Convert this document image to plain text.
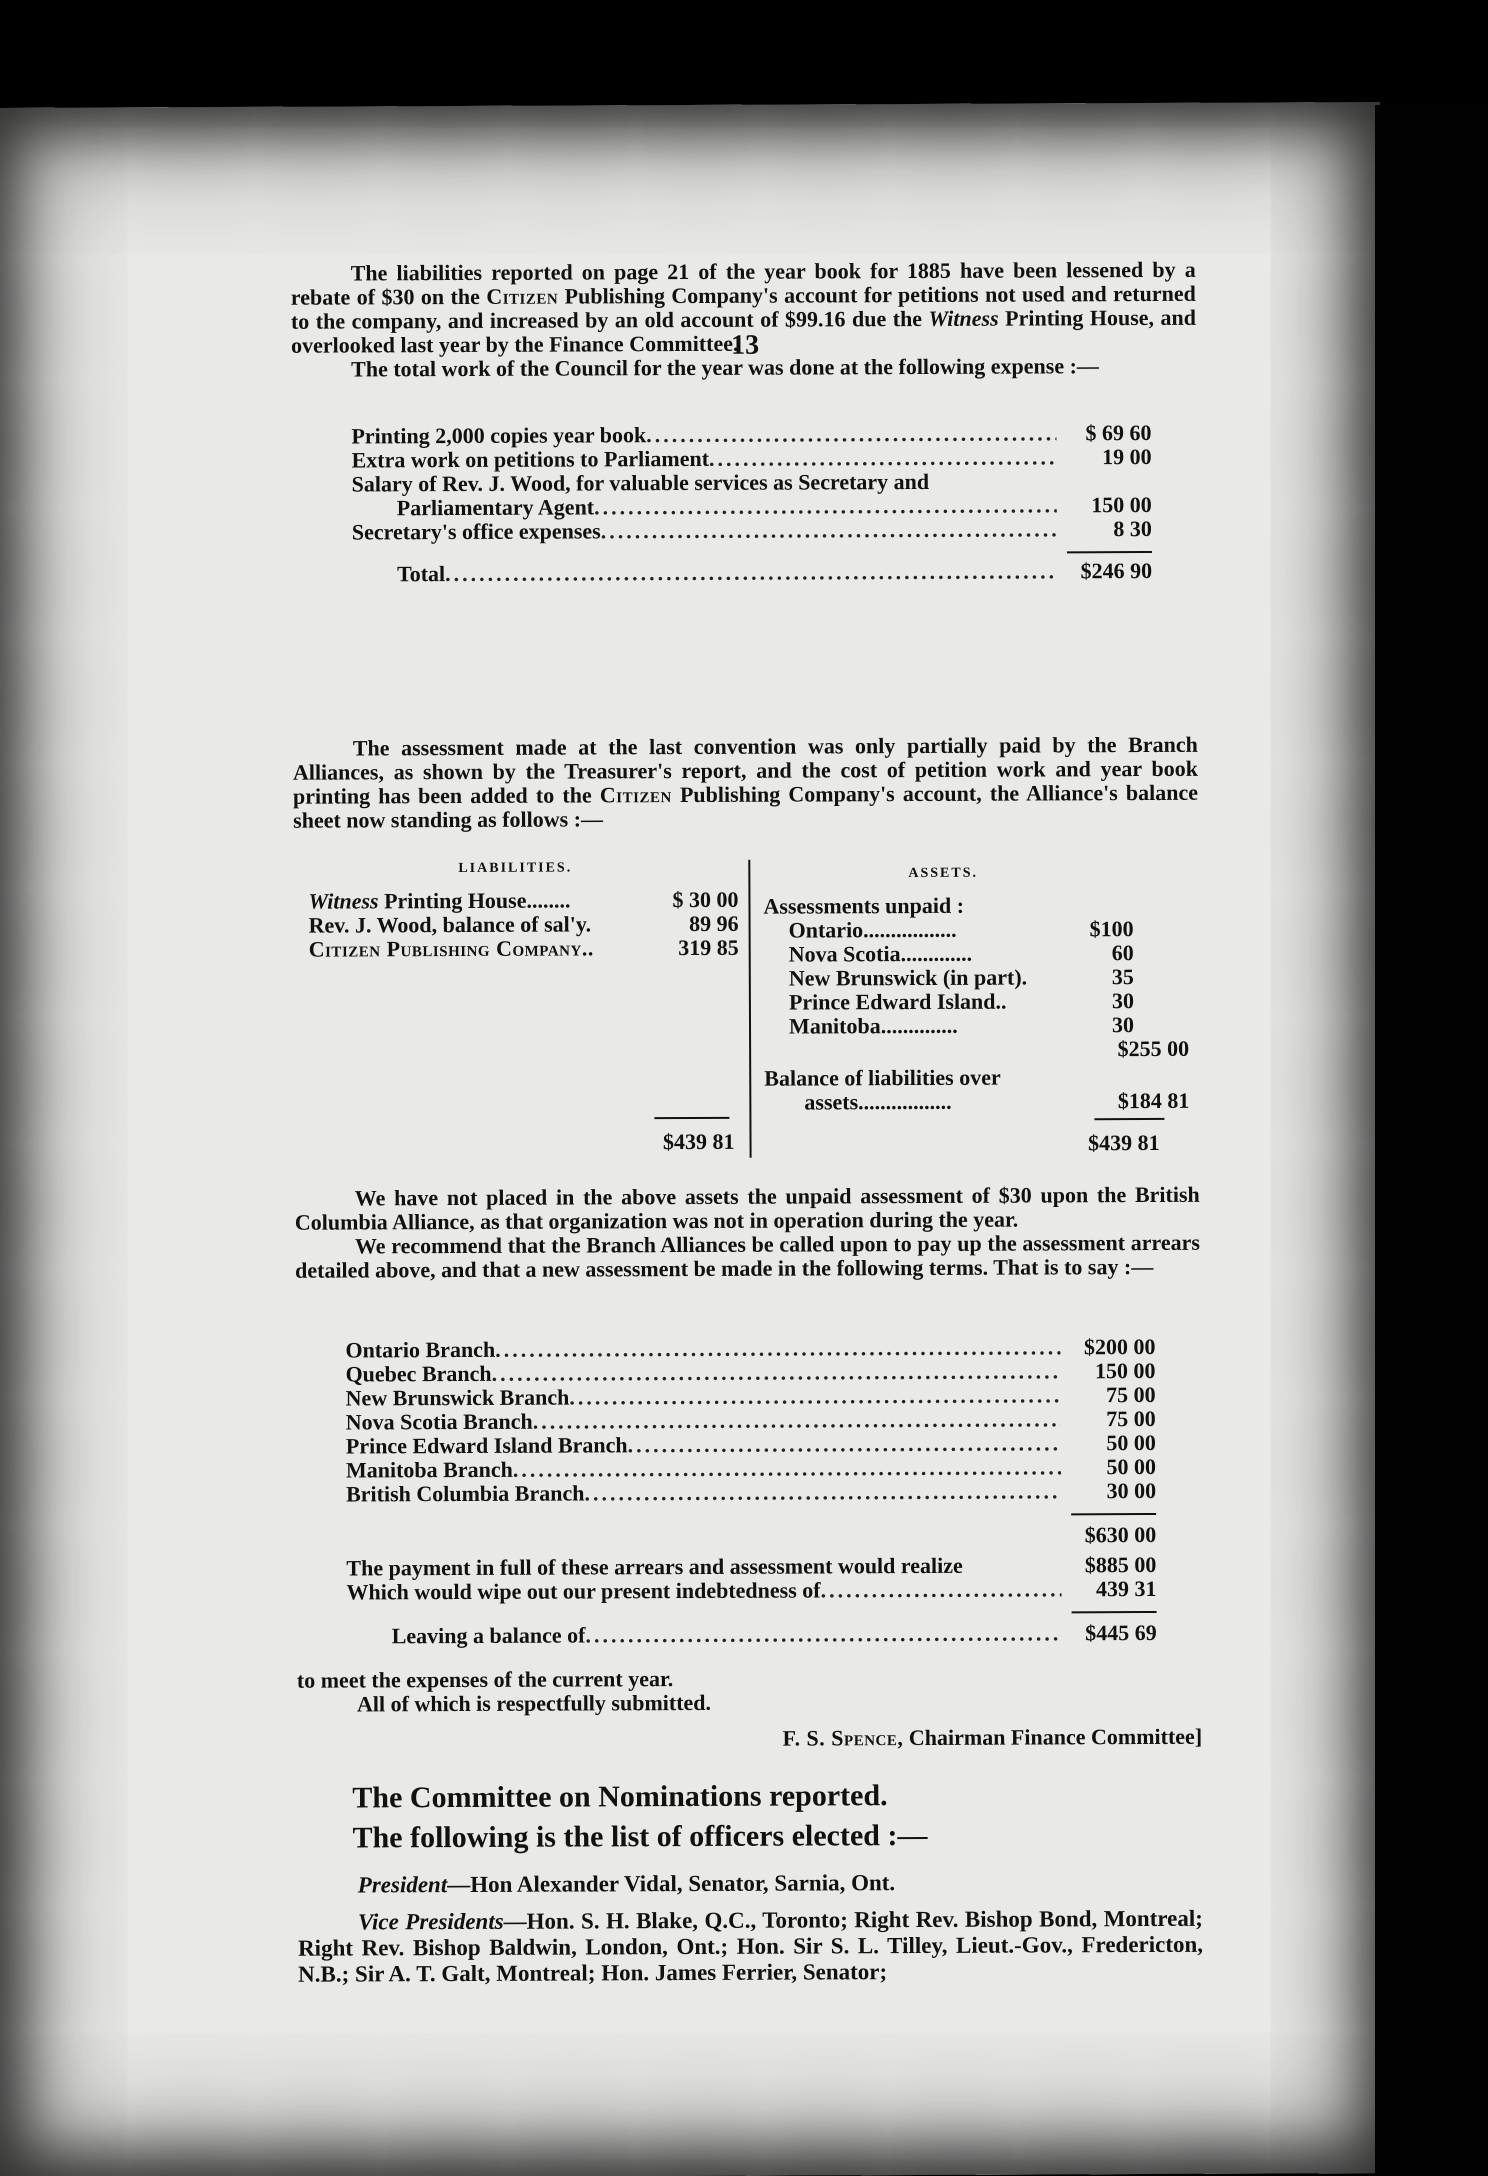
13

The liabilities reported on page 21 of the year book for 1885 have been lessened by a rebate of $30 on the Citizen Publishing Company's account for petitions not used and returned to the company, and increased by an old account of $99.16 due the Witness Printing House, and overlooked last year by the Finance Committee.

The total work of the Council for the year was done at the following expense :—

Printing 2,000 copies year book .....	$ 69 60
Extra work on petitions to Parliament .....	19 00
Salary of Rev. J. Wood, for valuable services as Secretary and
Parliamentary Agent .....	150 00
Secretary's office expenses .....	8 30
Total .....	$246 90

The assessment made at the last convention was only partially paid by the Branch Alliances, as shown by the Treasurer's report, and the cost of petition work and year book printing has been added to the Citizen Publishing Company's account, the Alliance's balance sheet now standing as follows :—

LIABILITIES.	ASSETS.
Witness Printing House........	$ 30 00
Rev. J. Wood, balance of sal'y.	89 96
Citizen Publishing Company..	319 85
$439 81
Assessments unpaid :
Ontario.................	$100
Nova Scotia.............	60
New Brunswick (in part).	35
Prince Edward Island..	30
Manitoba..............	30
$255 00
Balance of liabilities over
assets.................	$184 81
$439 81

We have not placed in the above assets the unpaid assessment of $30 upon the British Columbia Alliance, as that organization was not in operation during the year.

We recommend that the Branch Alliances be called upon to pay up the assessment arrears detailed above, and that a new assessment be made in the following terms. That is to say :—

Ontario Branch .....	$200 00
Quebec Branch .....	150 00
New Brunswick Branch .....	75 00
Nova Scotia Branch .....	75 00
Prince Edward Island Branch .....	50 00
Manitoba Branch .....	50 00
British Columbia Branch .....	30 00
$630 00
The payment in full of these arrears and assessment would realize	$885 00
Which would wipe out our present indebtedness of .....	439 31
Leaving a balance of .....	$445 69

to meet the expenses of the current year.

All of which is respectfully submitted.

F. S. Spence, Chairman Finance Committee]

The Committee on Nominations reported.

The following is the list of officers elected :—

President—Hon Alexander Vidal, Senator, Sarnia, Ont.

Vice Presidents—Hon. S. H. Blake, Q.C., Toronto; Right Rev. Bishop Bond, Montreal; Right Rev. Bishop Baldwin, London, Ont.; Hon. Sir S. L. Tilley, Lieut.-Gov., Fredericton, N.B.; Sir A. T. Galt, Montreal; Hon. James Ferrier, Senator;
